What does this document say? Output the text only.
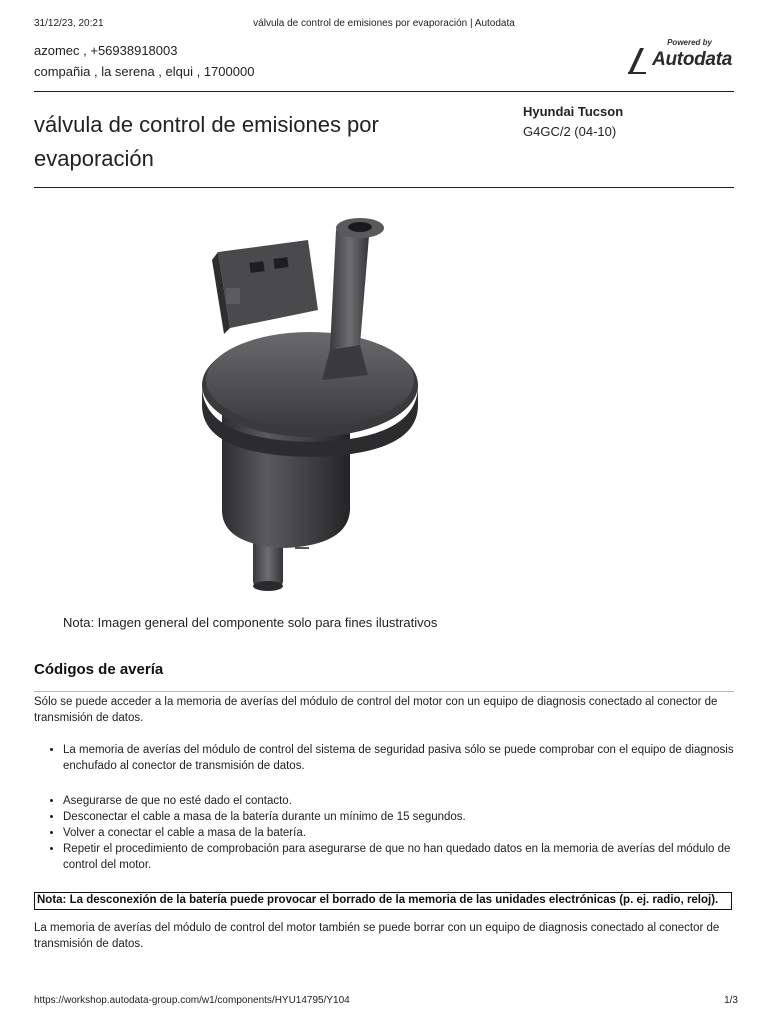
31/12/23, 20:21	válvula de control de emisiones por evaporación | Autodata
azomec , +56938918003
compañia , la serena , elqui , 1700000
Powered by
Autodata
válvula de control de emisiones por evaporación
Hyundai Tucson
G4GC/2 (04-10)
Nota: Imagen general del componente solo para fines ilustrativos
Códigos de avería
Sólo se puede acceder a la memoria de averías del módulo de control del motor con un equipo de diagnosis conectado al conector de transmisión de datos.
• La memoria de averías del módulo de control del sistema de seguridad pasiva sólo se puede comprobar con el equipo de diagnosis enchufado al conector de transmisión de datos.
• Asegurarse de que no esté dado el contacto.
• Desconectar el cable a masa de la batería durante un mínimo de 15 segundos.
• Volver a conectar el cable a masa de la batería.
• Repetir el procedimiento de comprobación para asegurarse de que no han quedado datos en la memoria de averías del módulo de control del motor.
Nota: La desconexión de la batería puede provocar el borrado de la memoria de las unidades electrónicas (p. ej. radio, reloj).
La memoria de averías del módulo de control del motor también se puede borrar con un equipo de diagnosis conectado al conector de transmisión de datos.
https://workshop.autodata-group.com/w1/components/HYU14795/Y104	1/3
